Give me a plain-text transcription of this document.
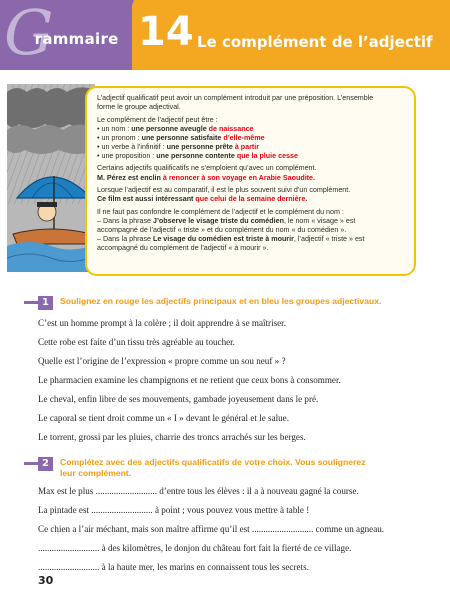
G
rammaire 14 Le complément de l’adjectif

L’adjectif qualificatif peut avoir un complément introduit par une préposition. L’ensemble
forme le groupe adjectival.

Le complément de l’adjectif peut être :
• un nom : une personne aveugle de naissance
• un pronom : une personne satisfaite d’elle-même
• un verbe à l’infinitif : une personne prête à partir
• une proposition : une personne contente que la pluie cesse

Certains adjectifs qualificatifs ne s’emploient qu’avec un complément.
M. Pérez est enclin à renoncer à son voyage en Arabie Saoudite.

Lorsque l’adjectif est au comparatif, il est le plus souvent suivi d’un complément.
Ce film est aussi intéressant que celui de la semaine dernière.

Il ne faut pas confondre le complément de l’adjectif et le complément du nom :
– Dans la phrase J’observe le visage triste du comédien, le nom « visage » est
accompagné de l’adjectif « triste » et du complément du nom « du comédien ».
– Dans la phrase Le visage du comédien est triste à mourir, l’adjectif « triste » est
accompagné du complément de l’adjectif « à mourir ».

1	Soulignez en rouge les adjectifs principaux et en bleu les groupes adjectivaux.
C’est un homme prompt à la colère ; il doit apprendre à se maîtriser.
Cette robe est faite d’un tissu très agréable au toucher.
Quelle est l’origine de l’expression « propre comme un sou neuf » ?
Le pharmacien examine les champignons et ne retient que ceux bons à consommer.
Le cheval, enfin libre de ses mouvements, gambade joyeusement dans le pré.
Le caporal se tient droit comme un « I » devant le général et le salue.
Le torrent, grossi par les pluies, charrie des troncs arrachés sur les berges.
2	Complétez avec des adjectifs qualificatifs de votre choix. Vous soulignerez
leur complément.
Max est le plus ........................... d’entre tous les élèves : il a à nouveau gagné la course.
La pintade est ........................... à point ; vous pouvez vous mettre à table !
Ce chien a l’air méchant, mais son maître affirme qu’il est ........................... comme un agneau.
........................... à des kilomètres, le donjon du château fort fait la fierté de ce village.
........................... à la haute mer, les marins en connaissent tous les secrets.
30
